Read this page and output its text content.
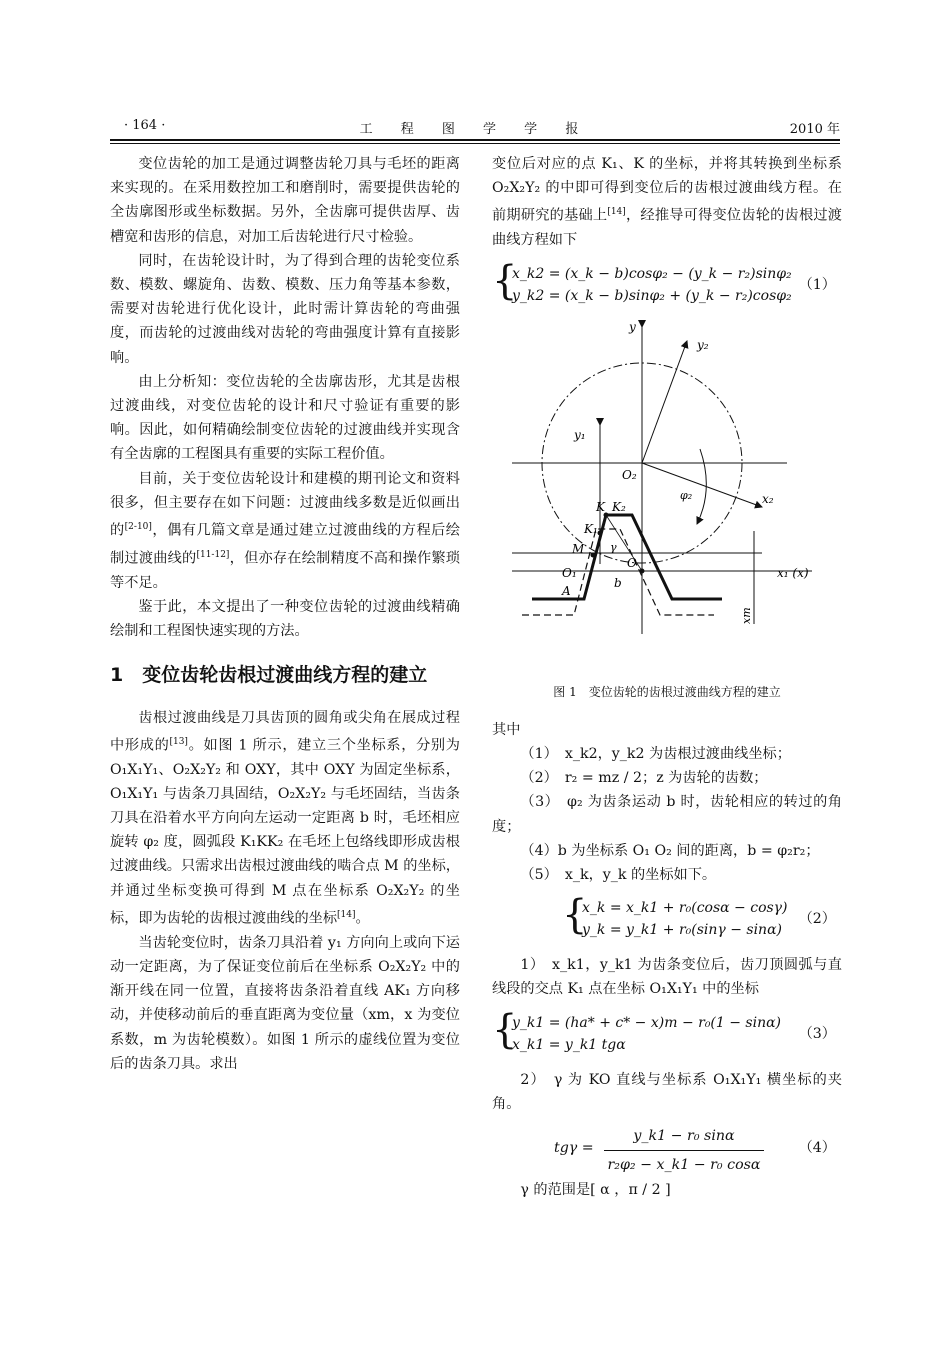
· 164 ·	工 程 图 学 学 报	2010 年

变位齿轮的加工是通过调整齿轮刀具与毛坯的距离来实现的。在采用数控加工和磨削时，需要提供齿轮的全齿廓图形或坐标数据。另外，全齿廓可提供齿厚、齿槽宽和齿形的信息，对加工后齿轮进行尺寸检验。

同时，在齿轮设计时，为了得到合理的齿轮变位系数、模数、螺旋角、齿数、模数、压力角等基本参数，需要对齿轮进行优化设计，此时需计算齿轮的弯曲强度，而齿轮的过渡曲线对齿轮的弯曲强度计算有直接影响。

由上分析知：变位齿轮的全齿廓齿形，尤其是齿根过渡曲线，对变位齿轮的设计和尺寸验证有重要的影响。因此，如何精确绘制变位齿轮的过渡曲线并实现含有全齿廓的工程图具有重要的实际工程价值。

目前，关于变位齿轮设计和建模的期刊论文和资料很多，但主要存在如下问题：过渡曲线多数是近似画出的[2-10]，偶有几篇文章是通过建立过渡曲线的方程后绘制过渡曲线的[11-12]，但亦存在绘制精度不高和操作繁琐等不足。

鉴于此，本文提出了一种变位齿轮的过渡曲线精确绘制和工程图快速实现的方法。

1　变位齿轮齿根过渡曲线方程的建立

齿根过渡曲线是刀具齿顶的圆角或尖角在展成过程中形成的[13]。如图 1 所示，建立三个坐标系，分别为 O₁X₁Y₁、O₂X₂Y₂ 和 OXY，其中 OXY 为固定坐标系，O₁X₁Y₁ 与齿条刀具固结，O₂X₂Y₂ 与毛坯固结，当齿条刀具在沿着水平方向向左运动一定距离 b 时，毛坯相应旋转 φ₂ 度，圆弧段 K₁KK₂ 在毛坯上包络线即形成齿根过渡曲线。只需求出齿根过渡曲线的啮合点 M 的坐标，并通过坐标变换可得到 M 点在坐标系 O₂X₂Y₂ 的坐标，即为齿轮的齿根过渡曲线的坐标[14]。

当齿轮变位时，齿条刀具沿着 y₁ 方向向上或向下运动一定距离，为了保证变位前后在坐标系 O₂X₂Y₂ 中的渐开线在同一位置，直接将齿条沿着直线 AK₁ 方向移动，并使移动前后的垂直距离为变位量（xm，x 为变位系数，m 为齿轮模数）。如图 1 所示的虚线位置为变位后的齿条刀具。求出

变位后对应的点 K₁、K 的坐标，并将其转换到坐标系 O₂X₂Y₂ 的中即可得到变位后的齿根过渡曲线方程。在前期研究的基础上[14]，经推导可得变位齿轮的齿根过渡曲线方程如下

{
x_k2 = (x_k − b)cosφ₂ − (y_k − r₂)sinφ₂
y_k2 = (x_k − b)sinφ₂ + (y_k − r₂)cosφ₂
（1）
y
y₂
y₁
O₂
x₂
φ₂
K K₂
K₁
M γ
O₁
O
x₁ (x)
A
b
xm
图 1　变位齿轮的齿根过渡曲线方程的建立

其中

（1）　x_k2，y_k2 为齿根过渡曲线坐标；

（2）　r₂ = mz / 2；z 为齿轮的齿数；

（3）　φ₂ 为齿条运动 b 时，齿轮相应的转过的角度；

（4）b 为坐标系 O₁ O₂ 间的距离，b = φ₂r₂；

（5）　x_k，y_k 的坐标如下。

{
x_k = x_k1 + r₀(cosα − cosγ)
y_k = y_k1 + r₀(sinγ − sinα)
（2）

1）　x_k1，y_k1 为齿条变位后，齿刀顶圆弧与直线段的交点 K₁ 点在坐标 O₁X₁Y₁ 中的坐标

{
y_k1 = (ha* + c* − x)m − r₀(1 − sinα)
x_k1 = y_k1 tgα
（3）

2）　γ 为 KO 直线与坐标系 O₁X₁Y₁ 横坐标的夹角。

$tg\gamma = \frac{\text{y\_k1 − r₀ sinα}}{\text{r₂φ₂ − x\_k1 − r₀ cosα}} (4)$

γ 的范围是[ α ，π / 2 ]
